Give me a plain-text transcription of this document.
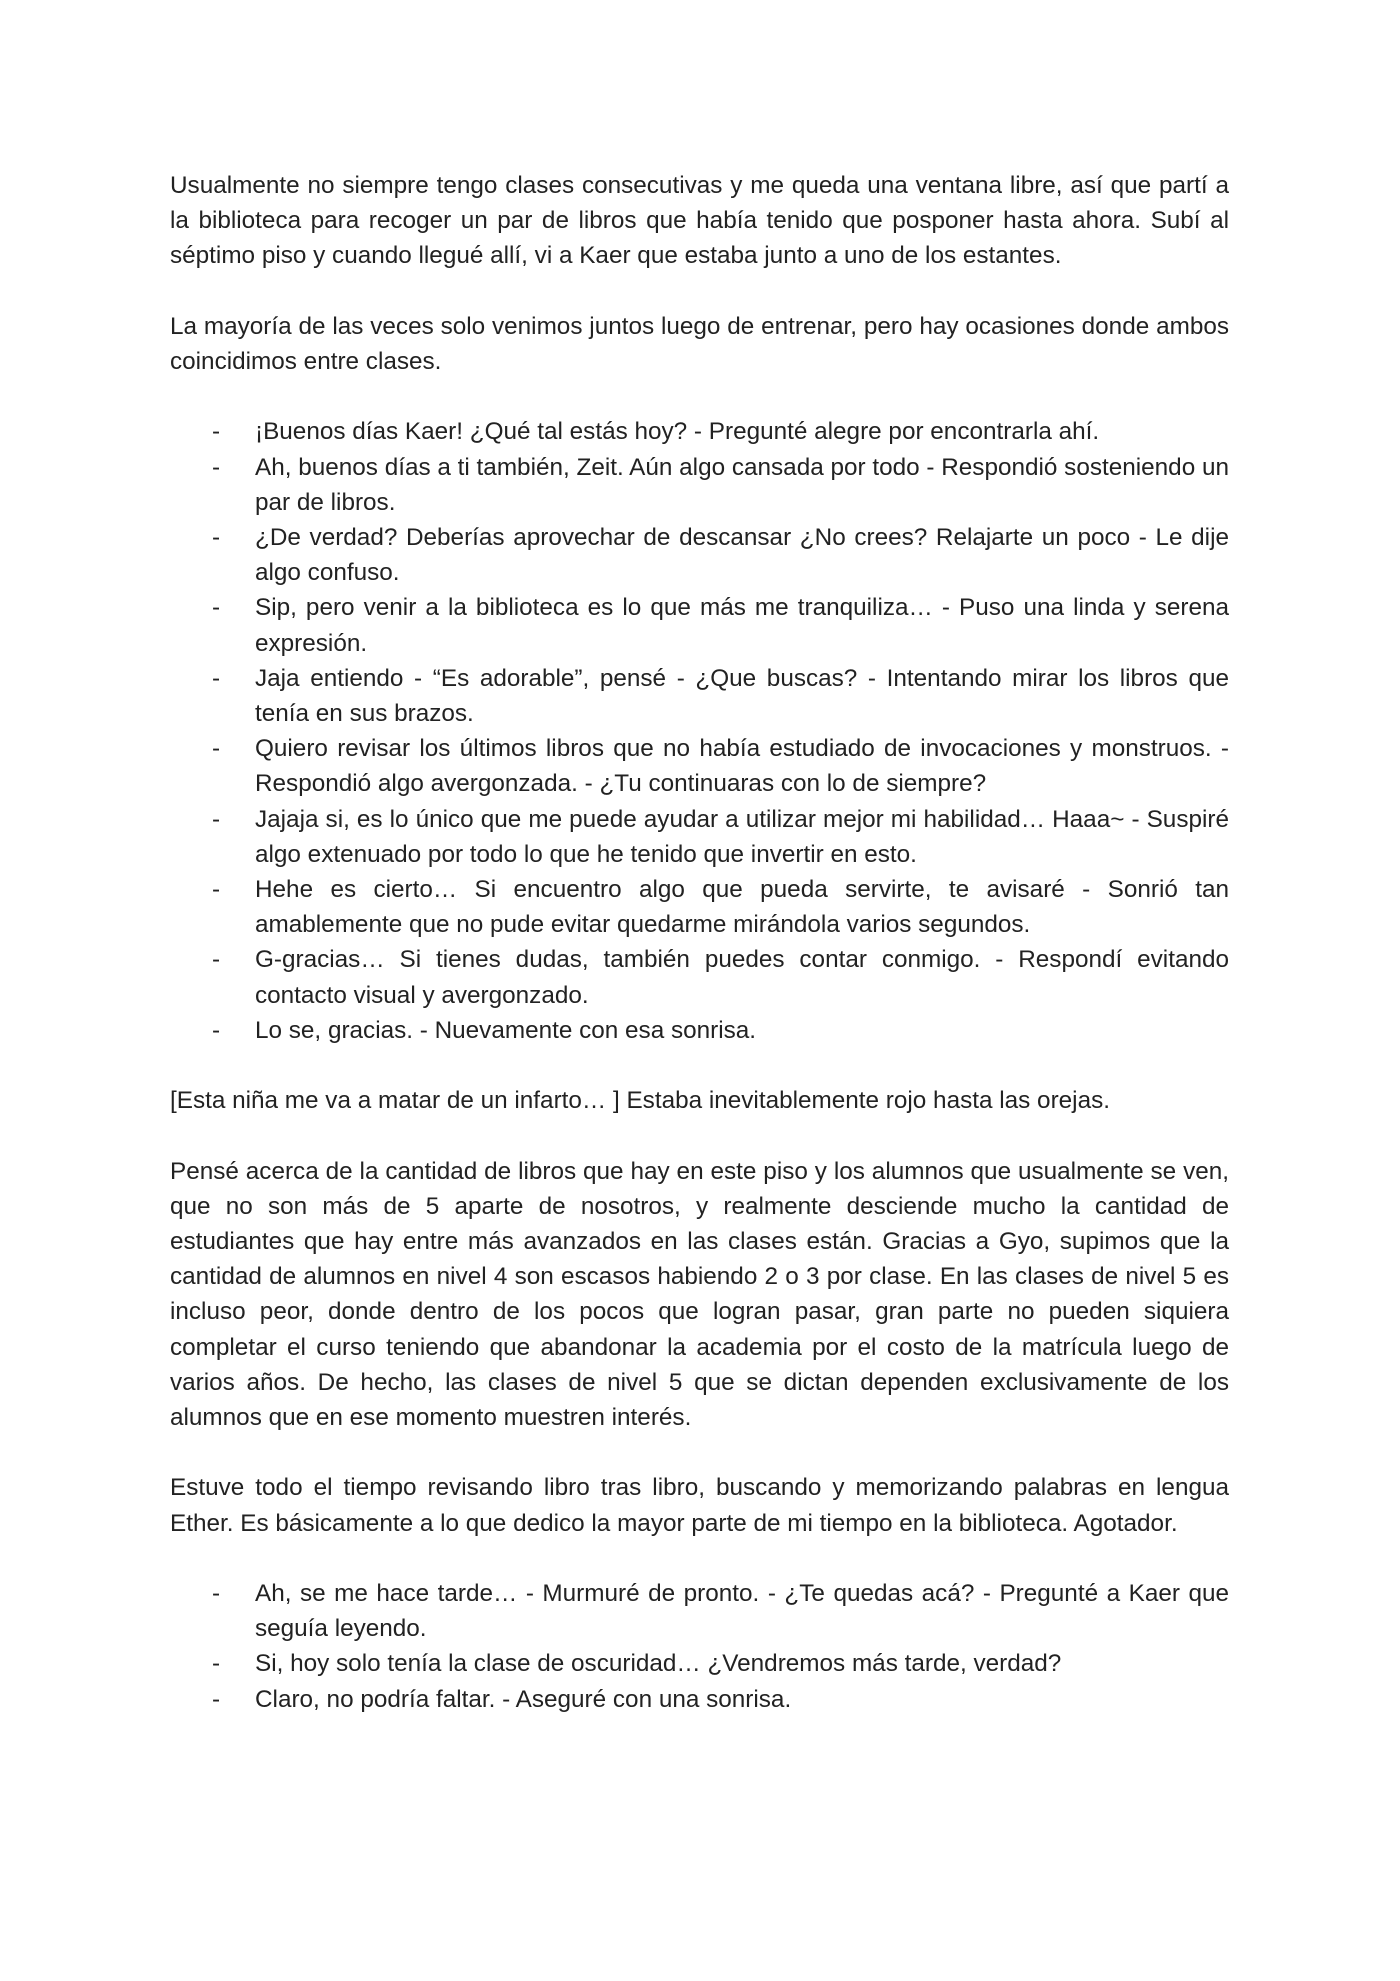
Usualmente no siempre tengo clases consecutivas y me queda una ventana libre, así que partí a la biblioteca para recoger un par de libros que había tenido que posponer hasta ahora. Subí al séptimo piso y cuando llegué allí, vi a Kaer que estaba junto a uno de los estantes.

La mayoría de las veces solo venimos juntos luego de entrenar, pero hay ocasiones donde ambos coincidimos entre clases.

- ¡Buenos días Kaer! ¿Qué tal estás hoy? - Pregunté alegre por encontrarla ahí.
- Ah, buenos días a ti también, Zeit. Aún algo cansada por todo - Respondió sosteniendo un par de libros.
- ¿De verdad? Deberías aprovechar de descansar ¿No crees? Relajarte un poco - Le dije algo confuso.
- Sip, pero venir a la biblioteca es lo que más me tranquiliza… - Puso una linda y serena expresión.
- Jaja entiendo - “Es adorable”, pensé - ¿Que buscas? - Intentando mirar los libros que tenía en sus brazos.
- Quiero revisar los últimos libros que no había estudiado de invocaciones y monstruos. - Respondió algo avergonzada. - ¿Tu continuaras con lo de siempre?
- Jajaja si, es lo único que me puede ayudar a utilizar mejor mi habilidad… Haaa~ - Suspiré algo extenuado por todo lo que he tenido que invertir en esto.
- Hehe es cierto… Si encuentro algo que pueda servirte, te avisaré - Sonrió tan amablemente que no pude evitar quedarme mirándola varios segundos.
- G-gracias… Si tienes dudas, también puedes contar conmigo. - Respondí evitando contacto visual y avergonzado.
- Lo se, gracias. - Nuevamente con esa sonrisa.

[Esta niña me va a matar de un infarto… ] Estaba inevitablemente rojo hasta las orejas.

Pensé acerca de la cantidad de libros que hay en este piso y los alumnos que usualmente se ven, que no son más de 5 aparte de nosotros, y realmente desciende mucho la cantidad de estudiantes que hay entre más avanzados en las clases están. Gracias a Gyo, supimos que la cantidad de alumnos en nivel 4 son escasos habiendo 2 o 3 por clase. En las clases de nivel 5 es incluso peor, donde dentro de los pocos que logran pasar, gran parte no pueden siquiera completar el curso teniendo que abandonar la academia por el costo de la matrícula luego de varios años. De hecho, las clases de nivel 5 que se dictan dependen exclusivamente de los alumnos que en ese momento muestren interés.

Estuve todo el tiempo revisando libro tras libro, buscando y memorizando palabras en lengua Ether. Es básicamente a lo que dedico la mayor parte de mi tiempo en la biblioteca. Agotador.

- Ah, se me hace tarde… - Murmuré de pronto. - ¿Te quedas acá? - Pregunté a Kaer que seguía leyendo.
- Si, hoy solo tenía la clase de oscuridad… ¿Vendremos más tarde, verdad?
- Claro, no podría faltar. - Aseguré con una sonrisa.
